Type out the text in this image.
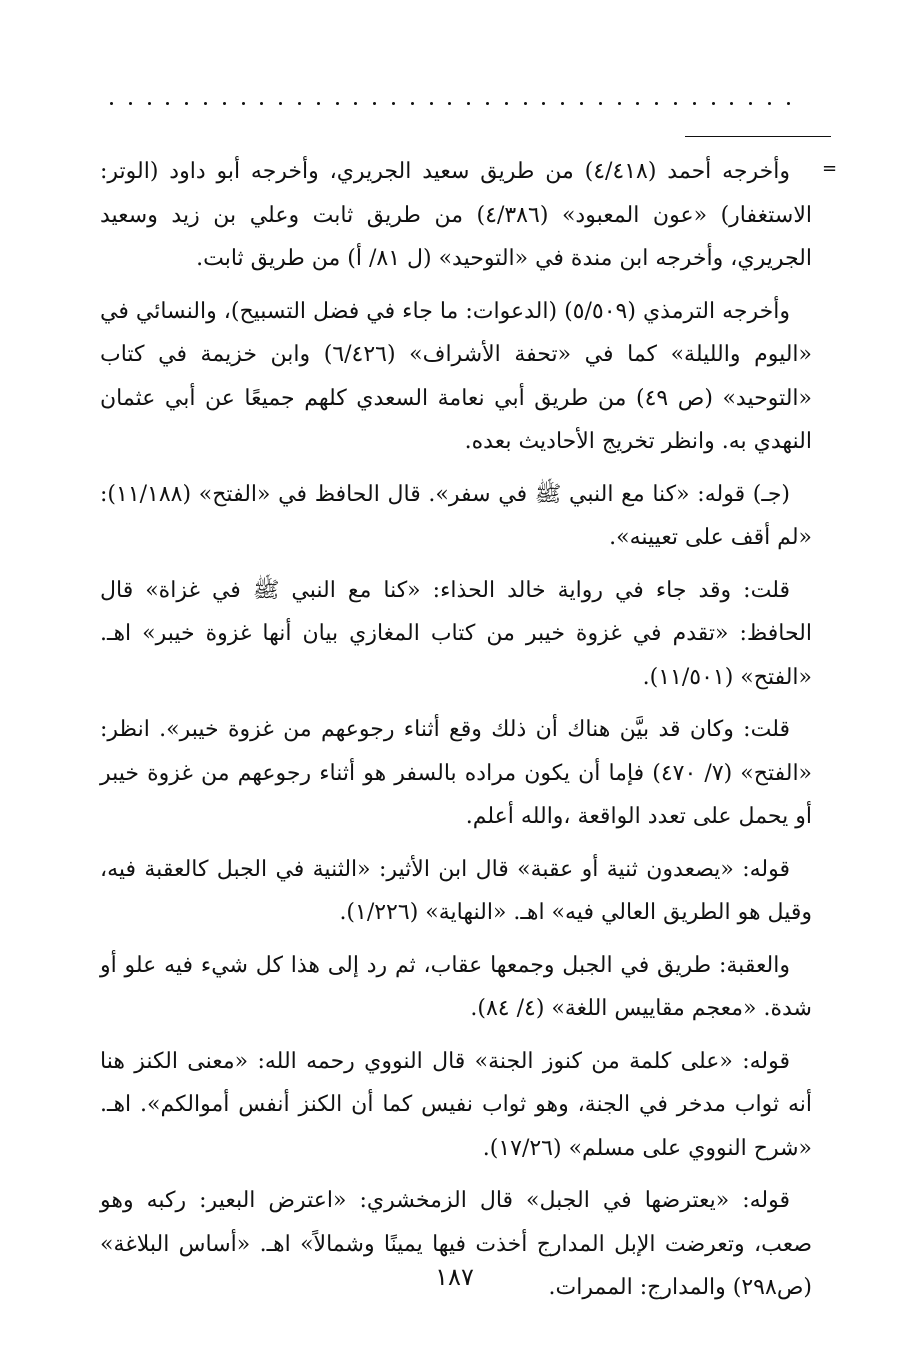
=

وأخرجه أحمد (٤/٤١٨) من طريق سعيد الجريري، وأخرجه أبو داود (الوتر: الاستغفار) «عون المعبود» (٤/٣٨٦) من طريق ثابت وعلي بن زيد وسعيد الجريري، وأخرجه ابن مندة في «التوحيد» (ل ٨١/ أ) من طريق ثابت.

وأخرجه الترمذي (٥/٥٠٩) (الدعوات: ما جاء في فضل التسبيح)، والنسائي في «اليوم والليلة» كما في «تحفة الأشراف» (٦/٤٢٦) وابن خزيمة في كتاب «التوحيد» (ص ٤٩) من طريق أبي نعامة السعدي كلهم جميعًا عن أبي عثمان النهدي به. وانظر تخريج الأحاديث بعده.

(جـ) قوله: «كنا مع النبي ﷺ في سفر». قال الحافظ في «الفتح» (١١/١٨٨): «لم أقف على تعيينه».

قلت: وقد جاء في رواية خالد الحذاء: «كنا مع النبي ﷺ في غزاة» قال الحافظ: «تقدم في غزوة خيبر من كتاب المغازي بيان أنها غزوة خيبر» اهـ. «الفتح» (١١/٥٠١).

قلت: وكان قد بيَّن هناك أن ذلك وقع أثناء رجوعهم من غزوة خيبر». انظر: «الفتح» (٧/ ٤٧٠) فإما أن يكون مراده بالسفر هو أثناء رجوعهم من غزوة خيبر أو يحمل على تعدد الواقعة ،والله أعلم.

قوله: «يصعدون ثنية أو عقبة» قال ابن الأثير: «الثنية في الجبل كالعقبة فيه، وقيل هو الطريق العالي فيه» اهـ. «النهاية» (١/٢٢٦).

والعقبة: طريق في الجبل وجمعها عقاب، ثم رد إلى هذا كل شيء فيه علو أو شدة. «معجم مقاييس اللغة» (٤/ ٨٤).

قوله: «على كلمة من كنوز الجنة» قال النووي رحمه الله: «معنى الكنز هنا أنه ثواب مدخر في الجنة، وهو ثواب نفيس كما أن الكنز أنفس أموالكم». اهـ. «شرح النووي على مسلم» (١٧/٢٦).

قوله: «يعترضها في الجبل» قال الزمخشري: «اعترض البعير: ركبه وهو صعب، وتعرضت الإبل المدارج أخذت فيها يمينًا وشمالاً» اهـ. «أساس البلاغة» (ص٢٩٨) والمدارج: الممرات.

١٨٧
